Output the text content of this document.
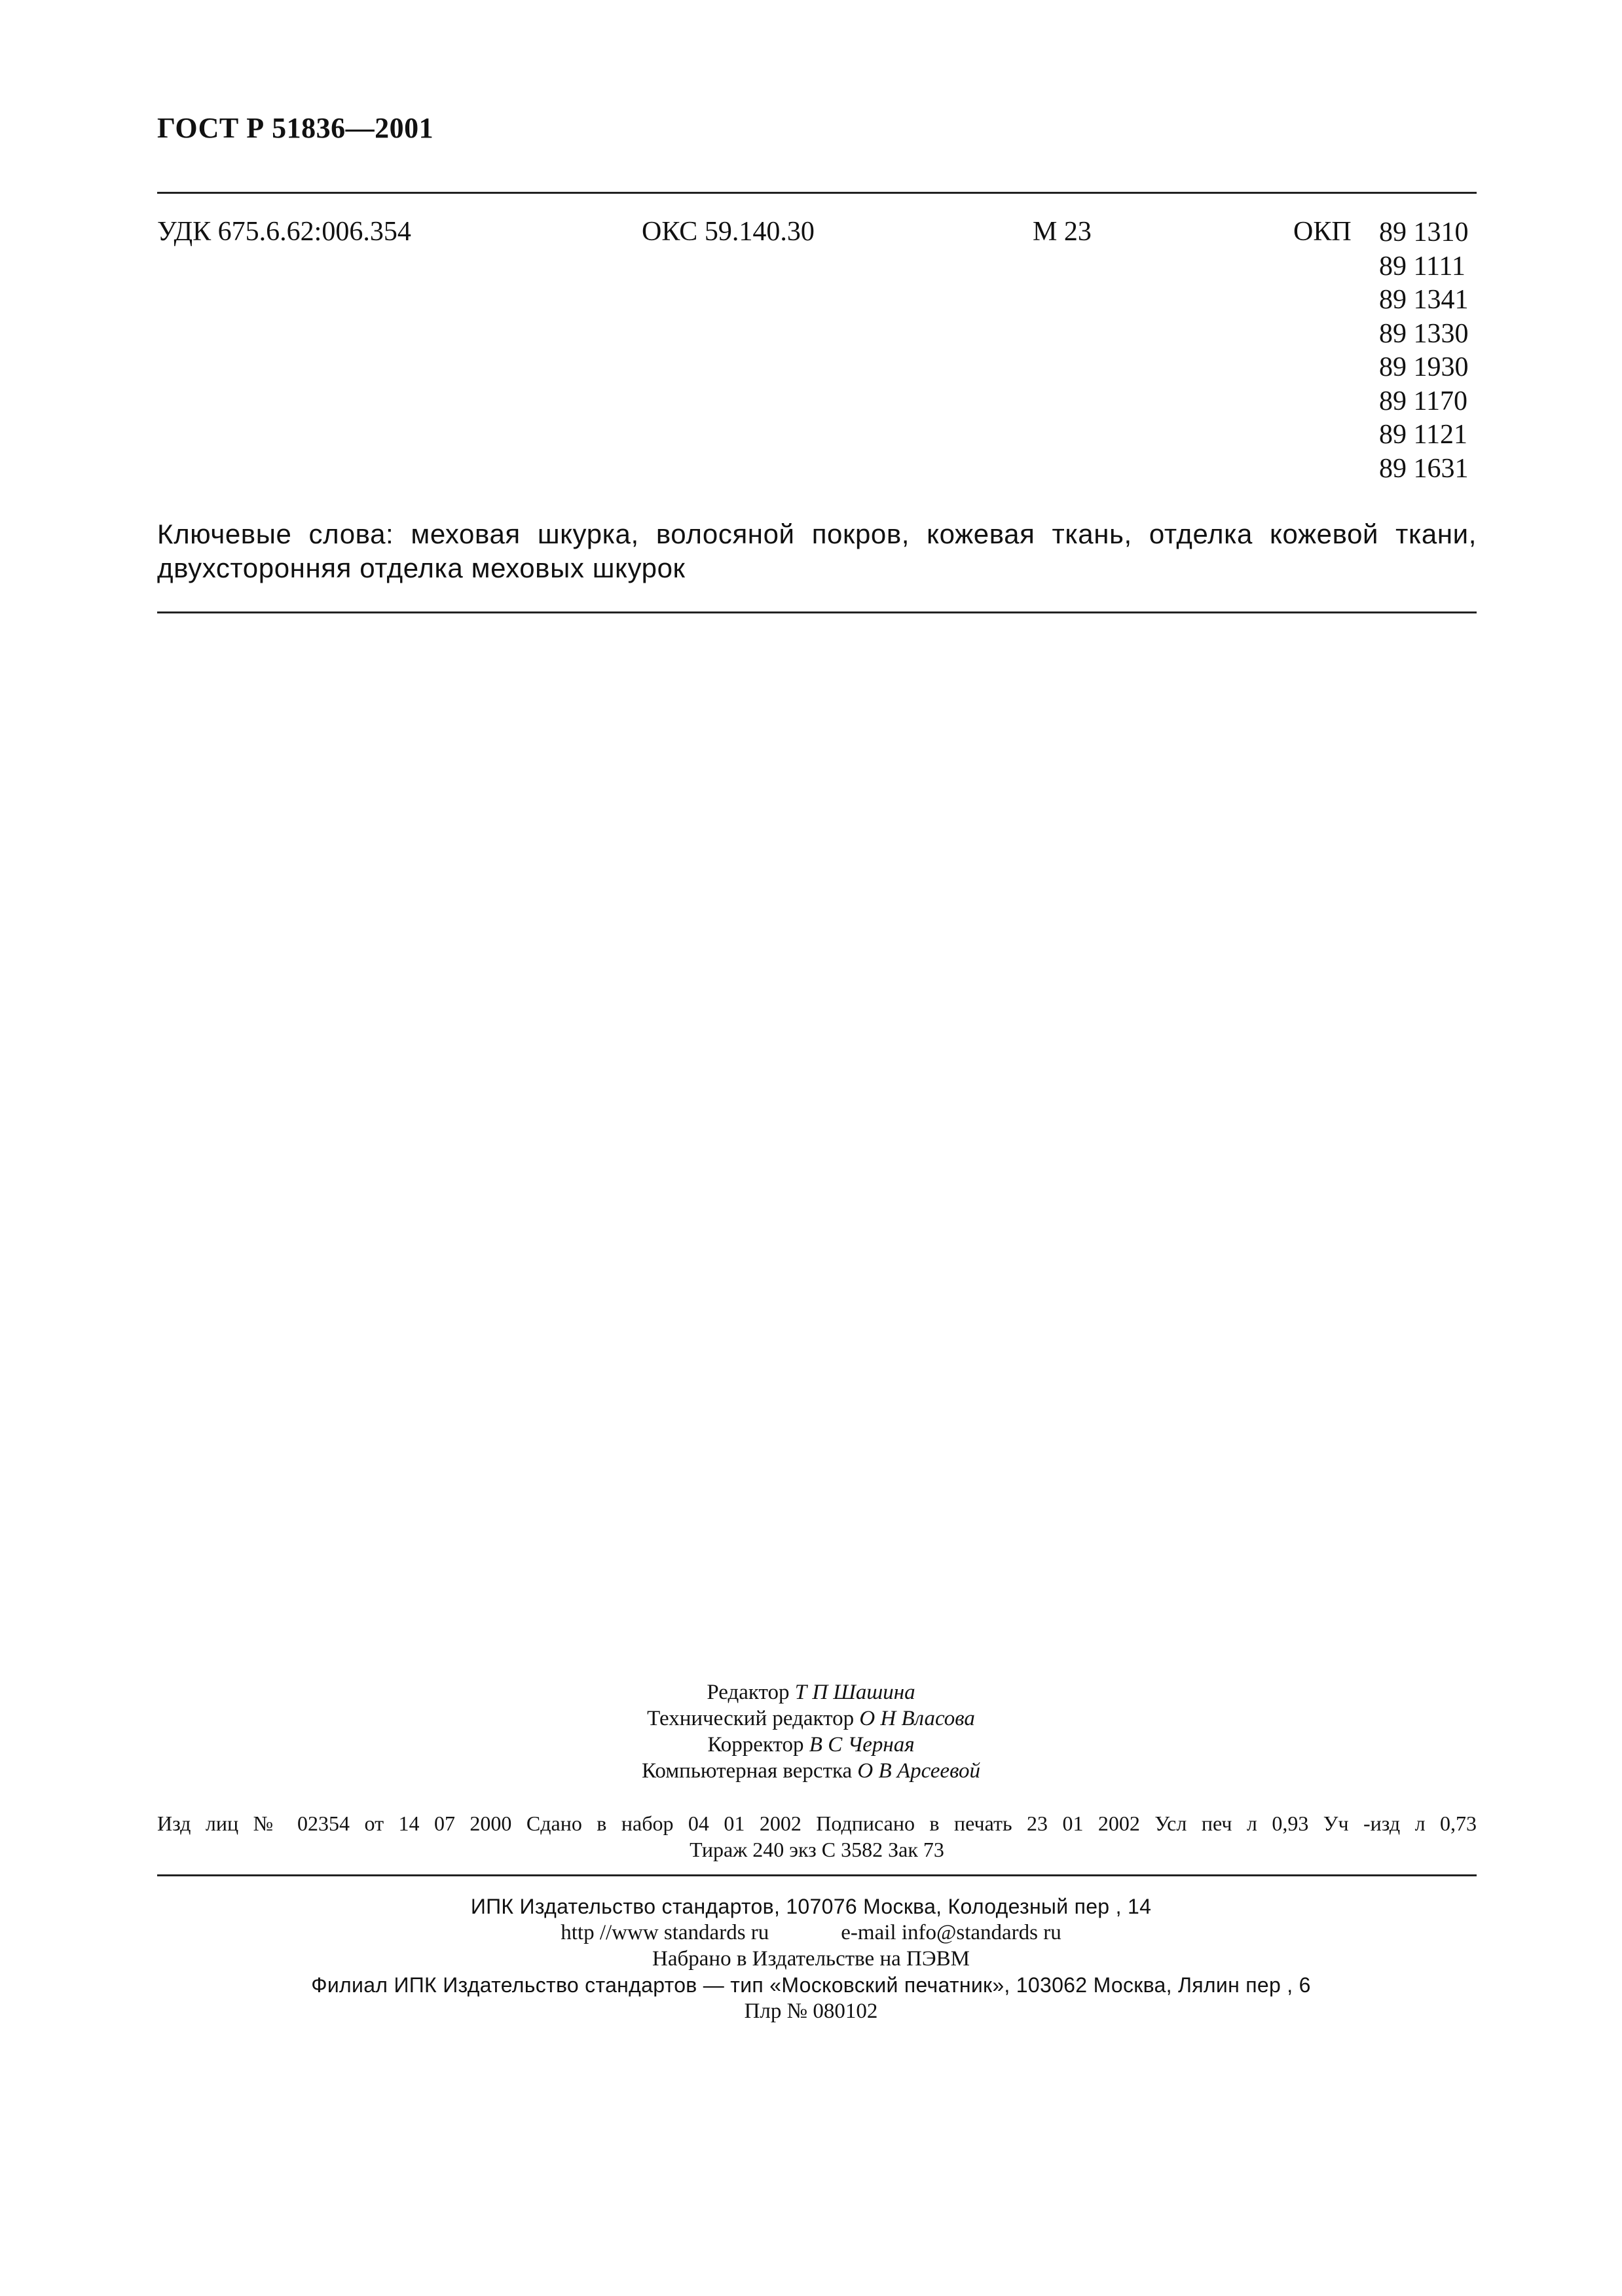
ГОСТ Р 51836—2001
УДК 675.6.62:006.354	ОКС 59.140.30	М 23	ОКП 89 1310
89 1111
89 1341
89 1330
89 1930
89 1170
89 1121
89 1631
Ключевые слова: меховая шкурка, волосяной покров, кожевая ткань, отделка кожевой ткани, двухсторонняя отделка меховых шкурок
Редактор Т П Шашина
Технический редактор О Н Власова
Корректор В С Черная
Компьютерная верстка О В Арсеевой
Изд лиц № 02354 от 14 07 2000 Сдано в набор 04 01 2002 Подписано в печать 23 01 2002 Усл печ л 0,93 Уч -изд л 0,73
Тираж 240 экз С 3582 Зак 73
ИПК Издательство стандартов, 107076 Москва, Колодезный пер , 14
http //www standards ru	e-mail info@standards ru
Набрано в Издательстве на ПЭВМ
Филиал ИПК Издательство стандартов — тип «Московский печатник», 103062 Москва, Лялин пер , 6
Плр № 080102
